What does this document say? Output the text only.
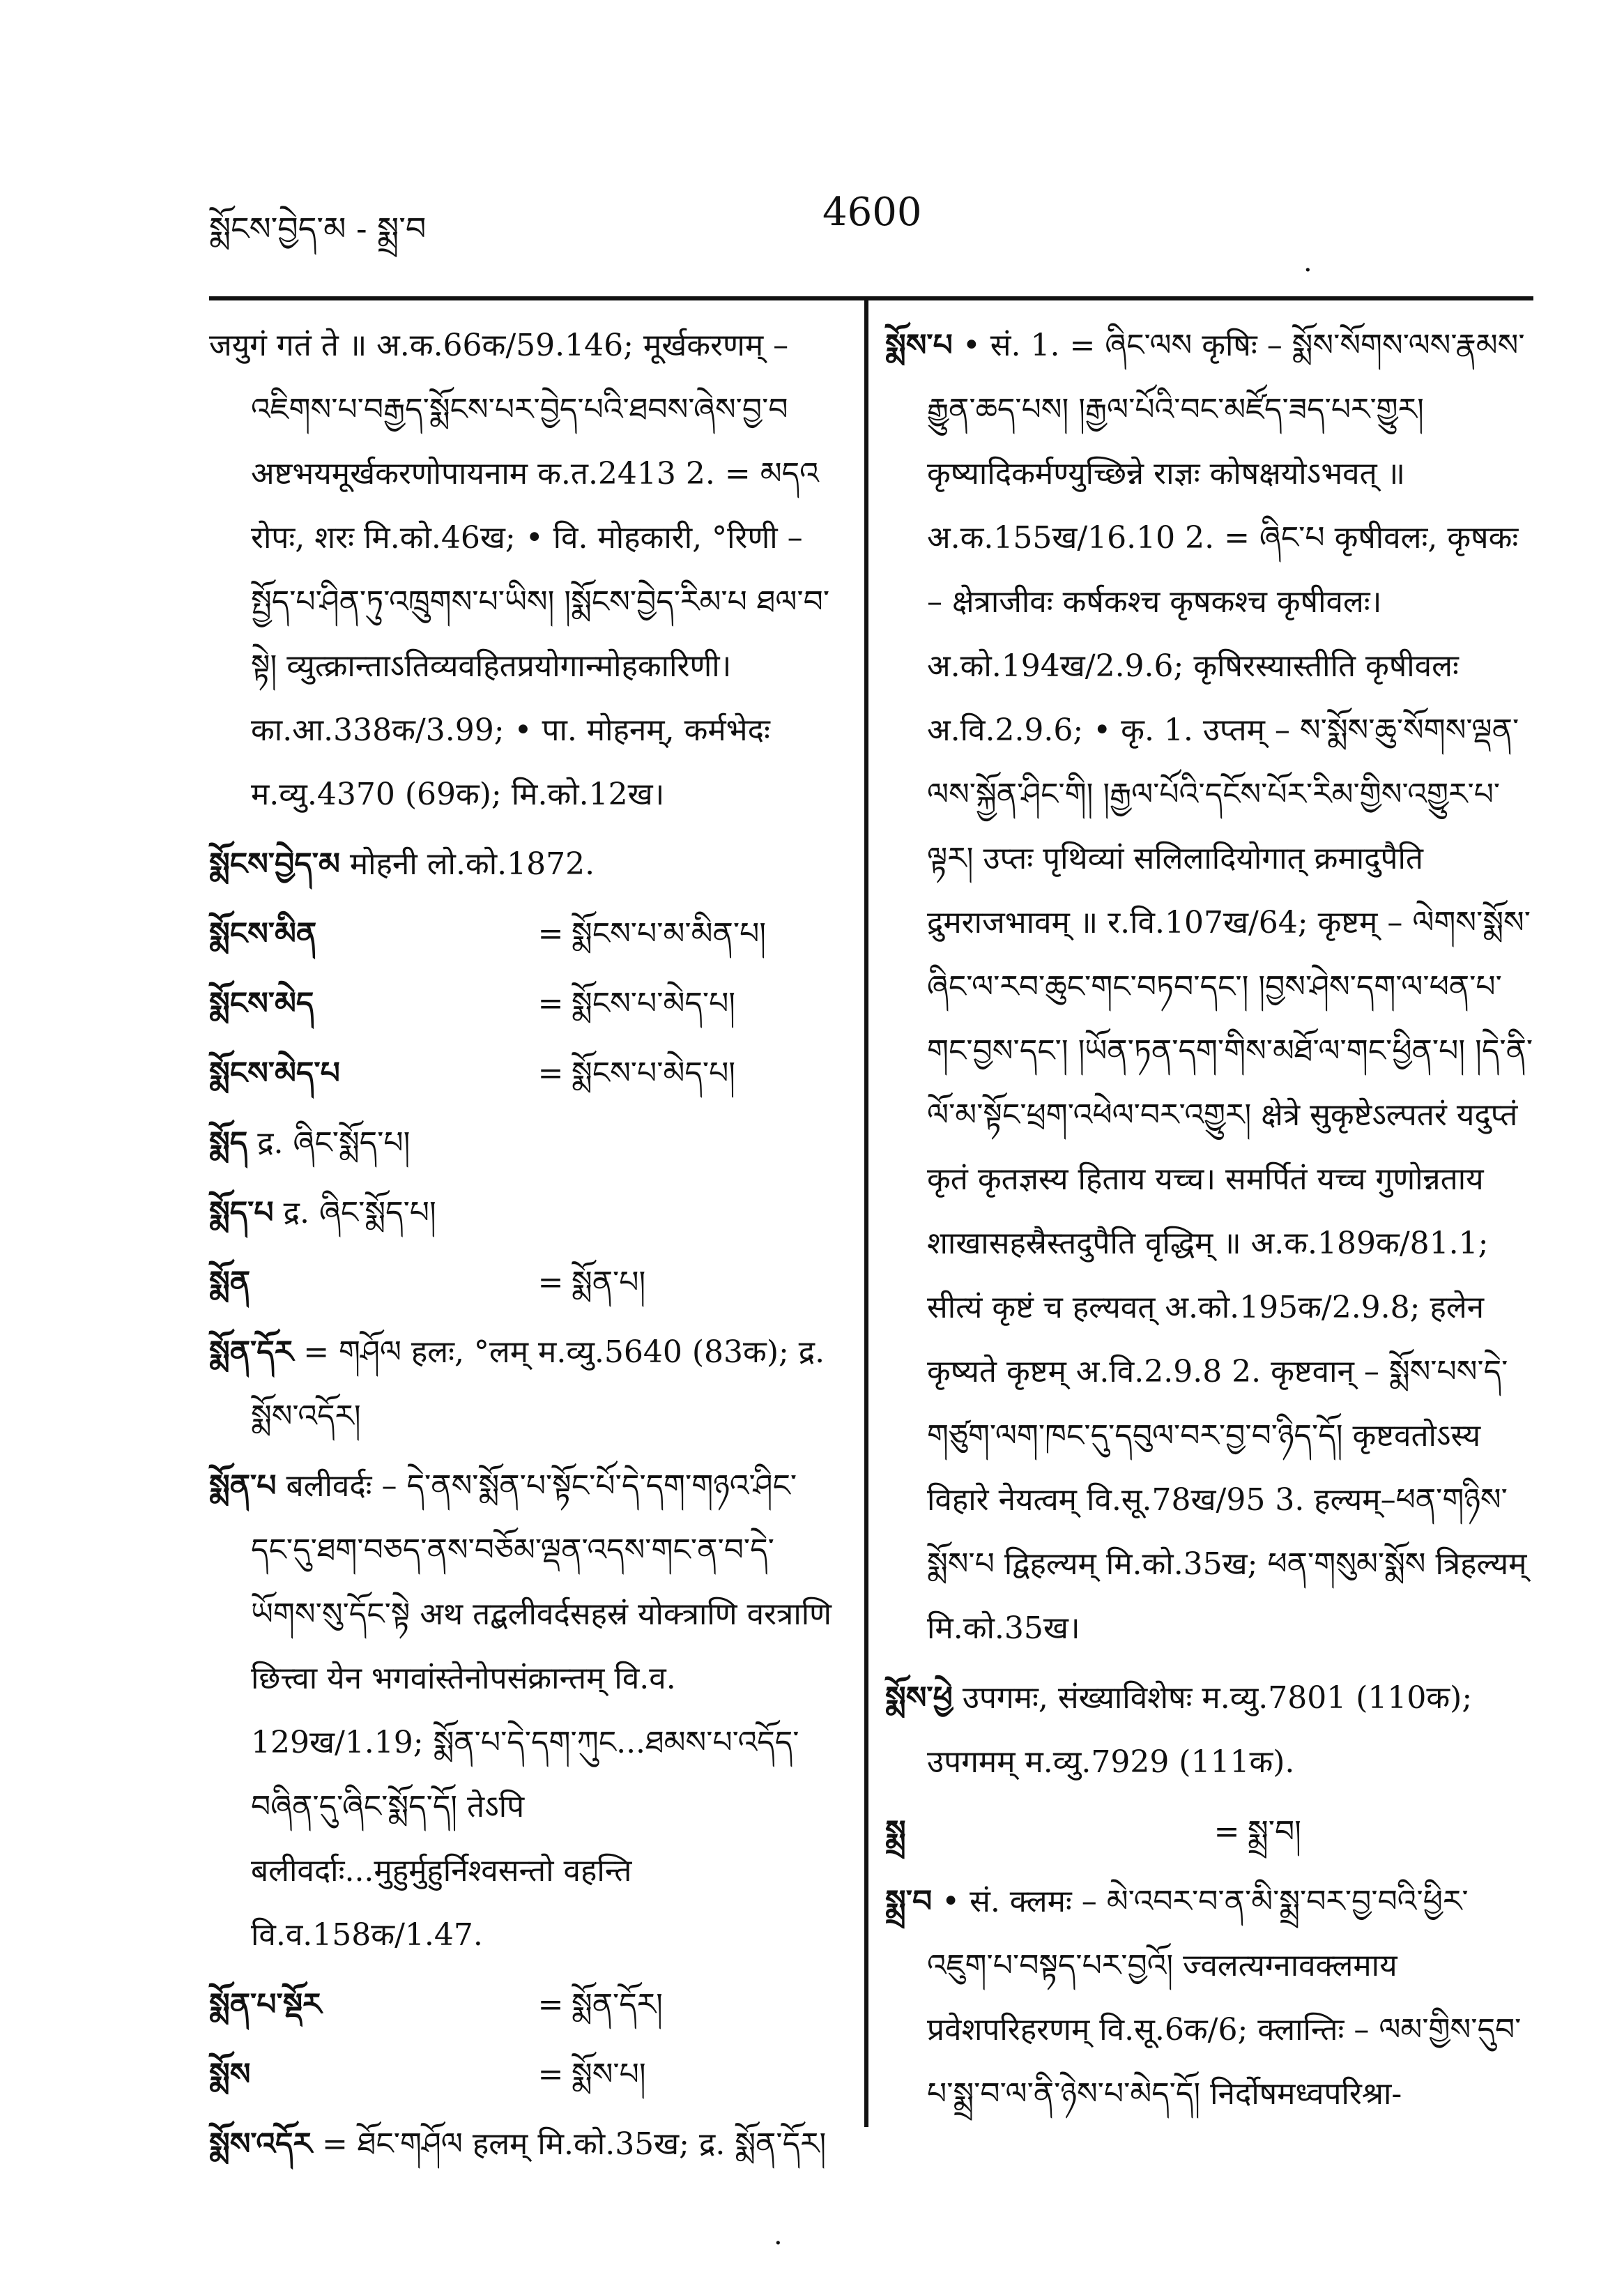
སྨོངས་བྱེད་མ - སྨྲ་བ	4600
जयुगं गतं ते ॥ अ.क.66क/59.146; मूर्खकरणम् – འཇིགས་པ་བརྒྱད་སྨོངས་པར་བྱེད་པའི་ཐབས་ཞེས་བྱ་བ अष्टभयमूर्खकरणोपायनाम क.त.2413 2. = མདའ रोपः, शरः मि.को.46ख; • वि. मोहकारी, °रिणी – སྤྱོད་པ་ཤིན་ཏུ་འཁྲུགས་པ་ཡིས། །སྨོངས་བྱེད་རིམ་པ ཐལ་བ་སྟེ། व्युत्क्रान्ताऽतिव्यवहितप्रयोगान्मोहकारिणी। का.आ.338क/3.99; • पा. मोहनम्, कर्मभेदः म.व्यु.4370 (69क); मि.को.12ख।
སྨོངས་བྱེད་མ मोहनी लो.को.1872.
སྨོངས་མིན	= སྨོངས་པ་མ་མིན་པ།
སྨོངས་མེད	= སྨོངས་པ་མེད་པ།
སྨོངས་མེད་པ	= སྨོངས་པ་མེད་པ།
སྨོད द्र. ཞིང་སྨོད་པ།
སྨོད་པ द्र. ཞིང་སྨོད་པ།
སྨོན	= སྨོན་པ།
སྨོན་དོར = གཤོལ हलः, °लम् म.व्यु.5640 (83क); द्र. སྨོས་འདོར།
སྨོན་པ बलीवर्दः – དེ་ནས་སྨོན་པ་སྟོང་པོ་དེ་དག་གཉའ་ཤིང་དང་དུ་ཐག་བཅད་ནས་བཅོམ་ལྡན་འདས་གང་ན་བ་དེ་ཡོགས་སུ་དོང་སྟེ अथ तद्बलीवर्दसहस्रं योक्त्राणि वरत्राणि छित्त्वा येन भगवांस्तेनोपसंक्रान्तम् वि.व. 129ख/1.19; སྨོན་པ་དེ་དག་ཀུང...ཐམས་པ་འདོད་བཞིན་དུ་ཞིང་སྨོད་དོ། तेऽपि बलीवर्दाः...मुहुर्मुहुर्निश्वसन्तो वहन्ति वि.व.158क/1.47.
སྨོན་པ་སྡོར	= སྨོན་དོར།
སྨོས	= སྨོས་པ།
སྨོས་འདོར = ཐོང་གཤོལ हलम् मि.को.35ख; द्र. སྨོན་དོར།
སྨོས་པ • सं. 1. = ཞིང་ལས कृषिः – སྨོས་སོགས་ལས་རྣམས་རྒྱུན་ཆད་པས། །རྒྱལ་པོའི་བང་མཛོད་ཟད་པར་གྱུར། कृष्यादिकर्मण्युच्छिन्ने राज्ञः कोषक्षयोऽभवत् ॥ अ.क.155ख/16.10 2. = ཞིང་པ कृषीवलः, कृषकः – क्षेत्राजीवः कर्षकश्च कृषकश्च कृषीवलः। अ.को.194ख/2.9.6; कृषिरस्यास्तीति कृषीवलः अ.वि.2.9.6; • कृ. 1. उप्तम् – ས་སྨོས་ཆུ་སོགས་ལྡན་ལས་སྐྱོན་ཤིང་གི། །རྒྱལ་པོའི་དངོས་པོར་རིམ་གྱིས་འགྱུར་པ་ལྟར། उप्तः पृथिव्यां सलिलादियोगात् क्रमादुपैति द्रुमराजभावम् ॥ र.वि.107ख/64; कृष्टम् – ལེགས་སྨོས་ཞིང་ལ་རབ་ཆུང་གང་བཏབ་དང་། །བྱས་ཤེས་དག་ལ་ཕན་པ་གང་བྱས་དང་། །ཡོན་ཏན་དག་གིས་མཐོ་ལ་གང་ཕྱིན་པ། །དེ་ནི་ལོ་མ་སྟོང་ཕྲག་འཕེལ་བར་འགྱུར། क्षेत्रे सुकृष्टेऽल्पतरं यदुप्तं कृतं कृतज्ञस्य हिताय यच्च। समर्पितं यच्च गुणोन्नताय शाखासहस्रैस्तदुपैति वृद्धिम् ॥ अ.क.189क/81.1; सीत्यं कृष्टं च हल्यवत् अ.को.195क/2.9.8; हलेन कृष्यते कृष्टम् अ.वि.2.9.8 2. कृष्टवान् – སྨོས་པས་དེ་གཙུག་ལག་ཁང་དུ་དབུལ་བར་བྱ་བ་ཉིད་དོ། कृष्टवतोऽस्य विहारे नेयत्वम् वि.सू.78ख/95 3. हल्यम्–ཕན་གཉིས་སྨོས་པ द्विहल्यम् मि.को.35ख; ཕན་གསུམ་སྨོས त्रिहल्यम् मि.को.35ख।
སྨོས་ཕྱེ उपगमः, संख्याविशेषः म.व्यु.7801 (110क); उपगमम् म.व्यु.7929 (111क).
སྨྲ	= སྨྲ་བ།
སྨྲ་བ • सं. क्लमः – མེ་འབར་བ་ན་མི་སྨྲ་བར་བྱ་བའི་ཕྱིར་འཇུག་པ་བསྟད་པར་བྱའོ། ज्वलत्यग्नावक्लमाय प्रवेशपरिहरणम् वि.सू.6क/6; क्लान्तिः – ལམ་གྱིས་དུབ་པ་སྨྲ་བ་ལ་ནི་ཉེས་པ་མེད་དོ། निर्दोषमध्वपरिश्रा-
·
·
